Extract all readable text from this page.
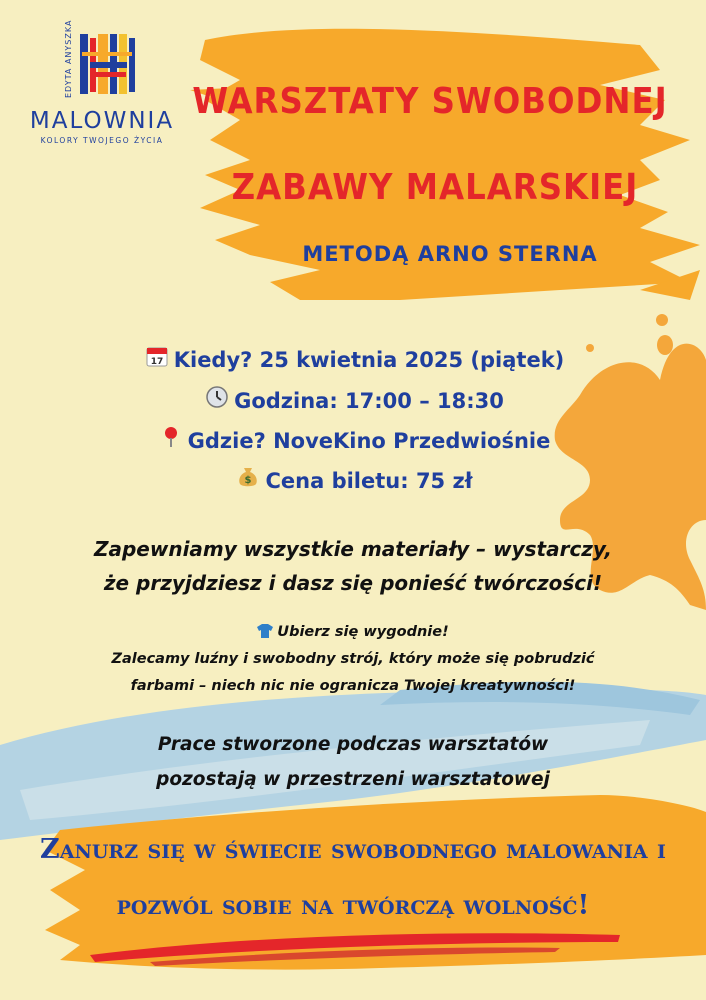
EDYTA ANYSZKA
MALOWNIA
KOLORY TWOJEGO ŻYCIA
WARSZTATY SWOBODNEJ
ZABAWY MALARSKIEJ
METODĄ ARNO STERNA
17 Kiedy? 25 kwietnia 2025 (piątek)
Godzina: 17:00 – 18:30
Gdzie? NoveKino Przedwiośnie
$ Cena biletu: 75 zł
Zapewniamy wszystkie materiały – wystarczy,
że przyjdziesz i dasz się ponieść twórczości!
Ubierz się wygodnie!
Zalecamy luźny i swobodny strój, który może się pobrudzić
farbami – niech nic nie ogranicza Twojej kreatywności!
Prace stworzone podczas warsztatów
pozostają w przestrzeni warsztatowej
Zanurz się w świecie swobodnego malowania i
pozwól sobie na twórczą wolność!
